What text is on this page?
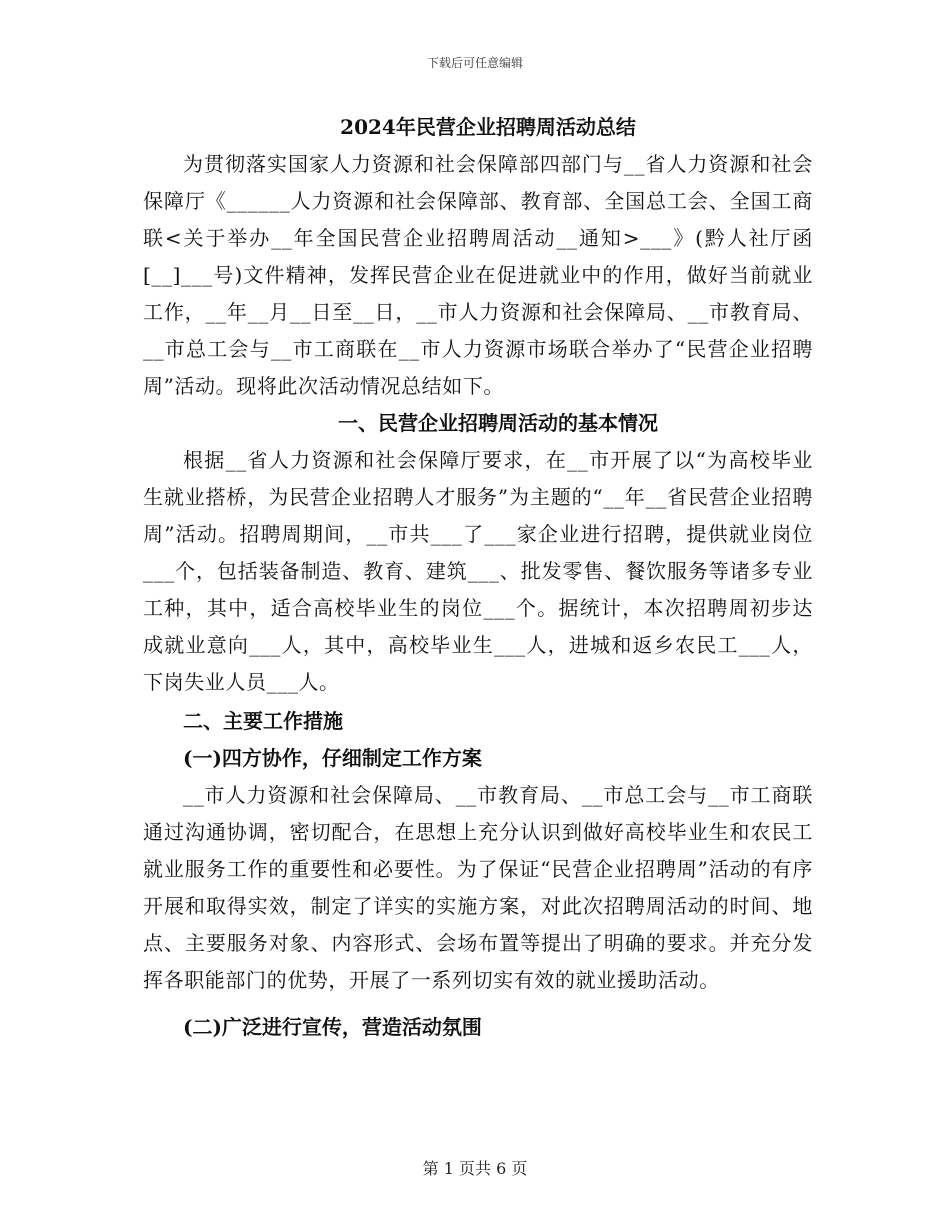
下载后可任意编辑
2024年民营企业招聘周活动总结

为贯彻落实国家人力资源和社会保障部四部门与__省人力资源和社会保障厅《______人力资源和社会保障部、教育部、全国总工会、全国工商联<关于举办__年全国民营企业招聘周活动__通知>___》(黔人社厅函[__]___号)文件精神，发挥民营企业在促进就业中的作用，做好当前就业工作，__年__月__日至__日，__市人力资源和社会保障局、__市教育局、__市总工会与__市工商联在__市人力资源市场联合举办了“民营企业招聘周”活动。现将此次活动情况总结如下。

一、民营企业招聘周活动的基本情况

根据__省人力资源和社会保障厅要求，在__市开展了以“为高校毕业生就业搭桥，为民营企业招聘人才服务”为主题的“__年__省民营企业招聘周”活动。招聘周期间，__市共___了___家企业进行招聘，提供就业岗位___个，包括装备制造、教育、建筑___、批发零售、餐饮服务等诸多专业工种，其中，适合高校毕业生的岗位___个。据统计，本次招聘周初步达成就业意向___人，其中，高校毕业生___人，进城和返乡农民工___人，下岗失业人员___人。

二、主要工作措施
(一)四方协作，仔细制定工作方案

__市人力资源和社会保障局、__市教育局、__市总工会与__市工商联通过沟通协调，密切配合，在思想上充分认识到做好高校毕业生和农民工就业服务工作的重要性和必要性。为了保证“民营企业招聘周”活动的有序开展和取得实效，制定了详实的实施方案，对此次招聘周活动的时间、地点、主要服务对象、内容形式、会场布置等提出了明确的要求。并充分发挥各职能部门的优势，开展了一系列切实有效的就业援助活动。

(二)广泛进行宣传，营造活动氛围
第 1 页共 6 页
